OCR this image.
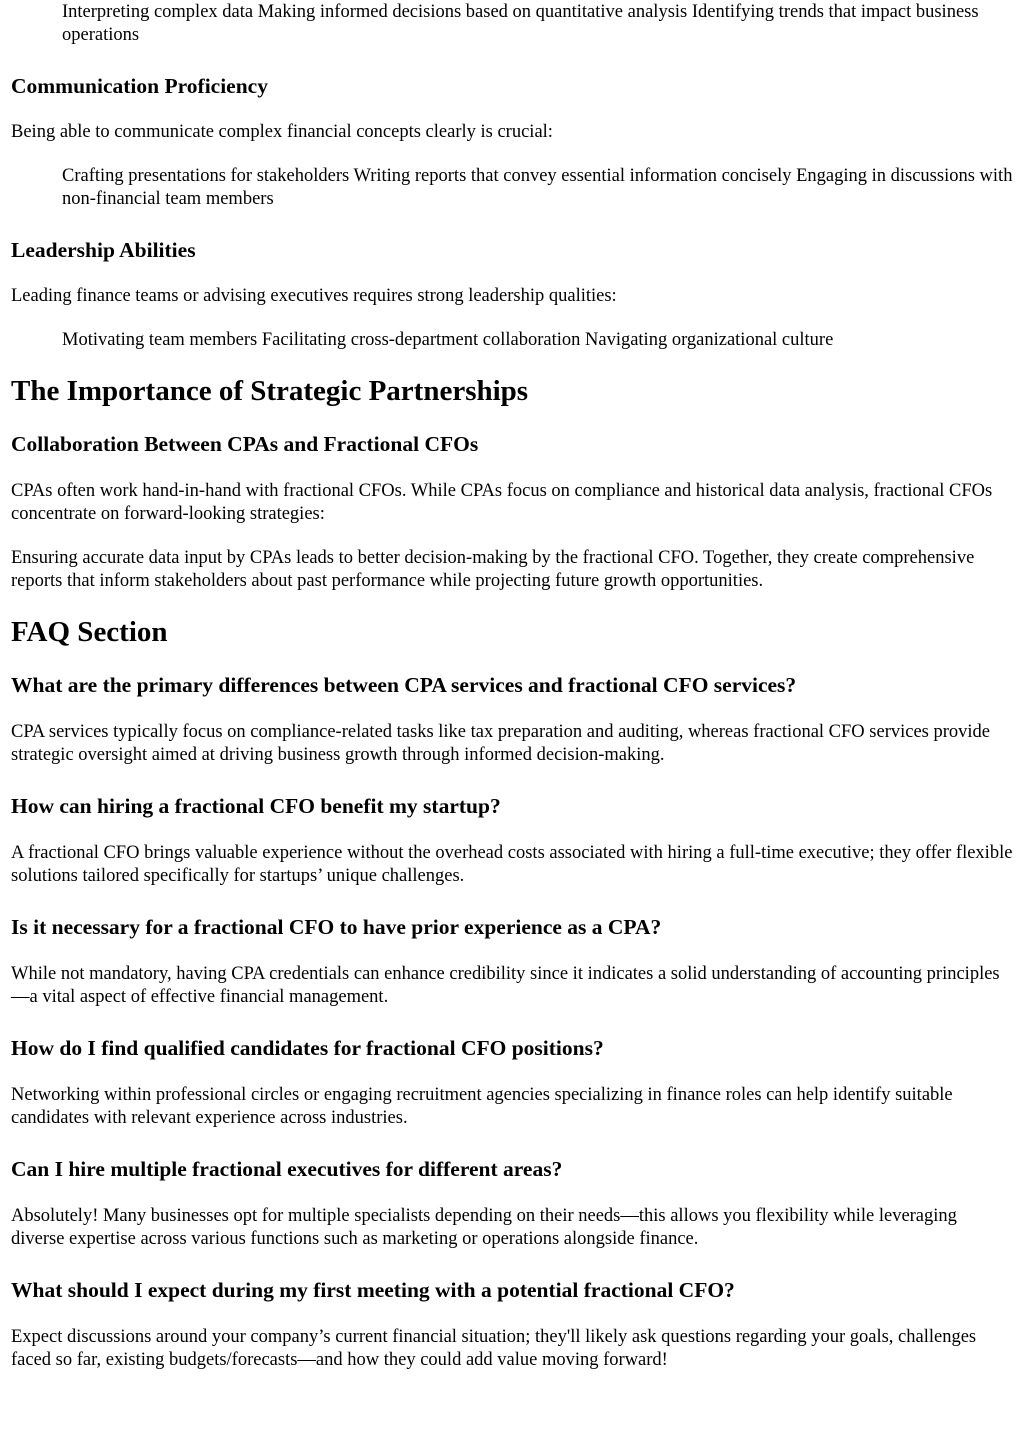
Interpreting complex data Making informed decisions based on quantitative analysis Identifying trends that impact business operations

Communication Proficiency

Being able to communicate complex financial concepts clearly is crucial:

Crafting presentations for stakeholders Writing reports that convey essential information concisely Engaging in discussions with non-financial team members

Leadership Abilities

Leading finance teams or advising executives requires strong leadership qualities:

Motivating team members Facilitating cross-department collaboration Navigating organizational culture

The Importance of Strategic Partnerships
Collaboration Between CPAs and Fractional CFOs

CPAs often work hand-in-hand with fractional CFOs. While CPAs focus on compliance and historical data analysis, fractional CFOs concentrate on forward-looking strategies:

Ensuring accurate data input by CPAs leads to better decision-making by the fractional CFO. Together, they create comprehensive reports that inform stakeholders about past performance while projecting future growth opportunities.

FAQ Section
What are the primary differences between CPA services and fractional CFO services?

CPA services typically focus on compliance-related tasks like tax preparation and auditing, whereas fractional CFO services provide strategic oversight aimed at driving business growth through informed decision-making.

How can hiring a fractional CFO benefit my startup?

A fractional CFO brings valuable experience without the overhead costs associated with hiring a full-time executive; they offer flexible solutions tailored specifically for startups’ unique challenges.

Is it necessary for a fractional CFO to have prior experience as a CPA?

While not mandatory, having CPA credentials can enhance credibility since it indicates a solid understanding of accounting principles—a vital aspect of effective financial management.

How do I find qualified candidates for fractional CFO positions?

Networking within professional circles or engaging recruitment agencies specializing in finance roles can help identify suitable candidates with relevant experience across industries.

Can I hire multiple fractional executives for different areas?

Absolutely! Many businesses opt for multiple specialists depending on their needs—this allows you flexibility while leveraging diverse expertise across various functions such as marketing or operations alongside finance.

What should I expect during my first meeting with a potential fractional CFO?

Expect discussions around your company’s current financial situation; they'll likely ask questions regarding your goals, challenges faced so far, existing budgets/forecasts—and how they could add value moving forward!
